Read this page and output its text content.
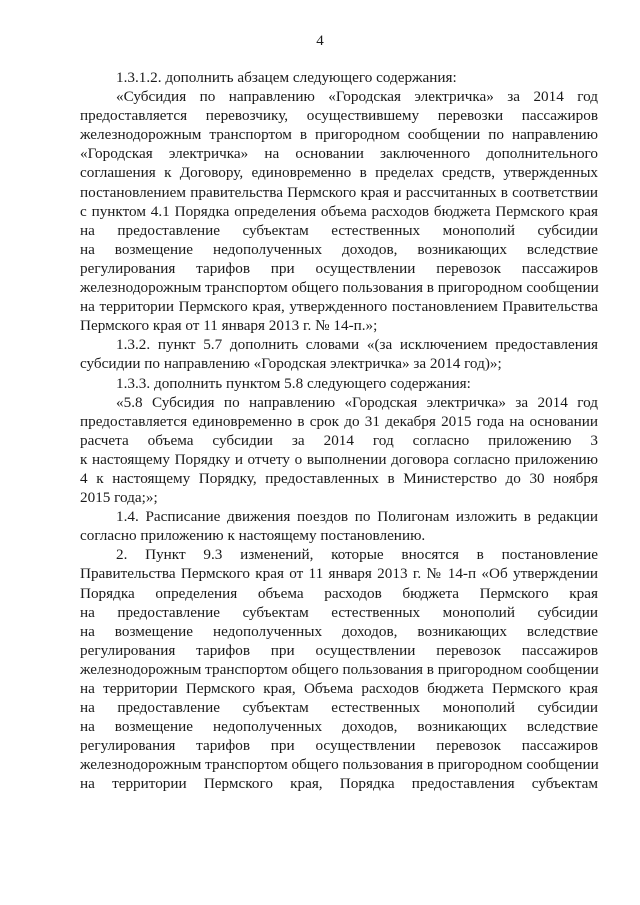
4

1.3.1.2. дополнить абзацем следующего содержания:

«Субсидия по направлению «Городская электричка» за 2014 год
предоставляется перевозчику, осуществившему перевозки пассажиров
железнодорожным транспортом в пригородном сообщении по направлению
«Городская электричка» на основании заключенного дополнительного
соглашения к Договору, единовременно в пределах средств, утвержденных
постановлением правительства Пермского края и рассчитанных в соответствии
с пунктом 4.1 Порядка определения объема расходов бюджета Пермского края
на предоставление субъектам естественных монополий субсидии
на возмещение недополученных доходов, возникающих вследствие
регулирования тарифов при осуществлении перевозок пассажиров
железнодорожным транспортом общего пользования в пригородном сообщении
на территории Пермского края, утвержденного постановлением Правительства
Пермского края от 11 января 2013 г. № 14-п.»;

1.3.2. пункт 5.7 дополнить словами «(за исключением предоставления
субсидии по направлению «Городская электричка» за 2014 год)»;

1.3.3. дополнить пунктом 5.8 следующего содержания:

«5.8 Субсидия по направлению «Городская электричка» за 2014 год
предоставляется единовременно в срок до 31 декабря 2015 года на основании
расчета объема субсидии за 2014 год согласно приложению 3
к настоящему Порядку и отчету о выполнении договора согласно приложению
4 к настоящему Порядку, предоставленных в Министерство до 30 ноября
2015 года;»;

1.4. Расписание движения поездов по Полигонам изложить в редакции
согласно приложению к настоящему постановлению.

2. Пункт 9.3 изменений, которые вносятся в постановление
Правительства Пермского края от 11 января 2013 г. № 14-п «Об утверждении
Порядка определения объема расходов бюджета Пермского края
на предоставление субъектам естественных монополий субсидии
на возмещение недополученных доходов, возникающих вследствие
регулирования тарифов при осуществлении перевозок пассажиров
железнодорожным транспортом общего пользования в пригородном сообщении
на территории Пермского края, Объема расходов бюджета Пермского края
на предоставление субъектам естественных монополий субсидии
на возмещение недополученных доходов, возникающих вследствие
регулирования тарифов при осуществлении перевозок пассажиров
железнодорожным транспортом общего пользования в пригородном сообщении
на территории Пермского края, Порядка предоставления субъектам
